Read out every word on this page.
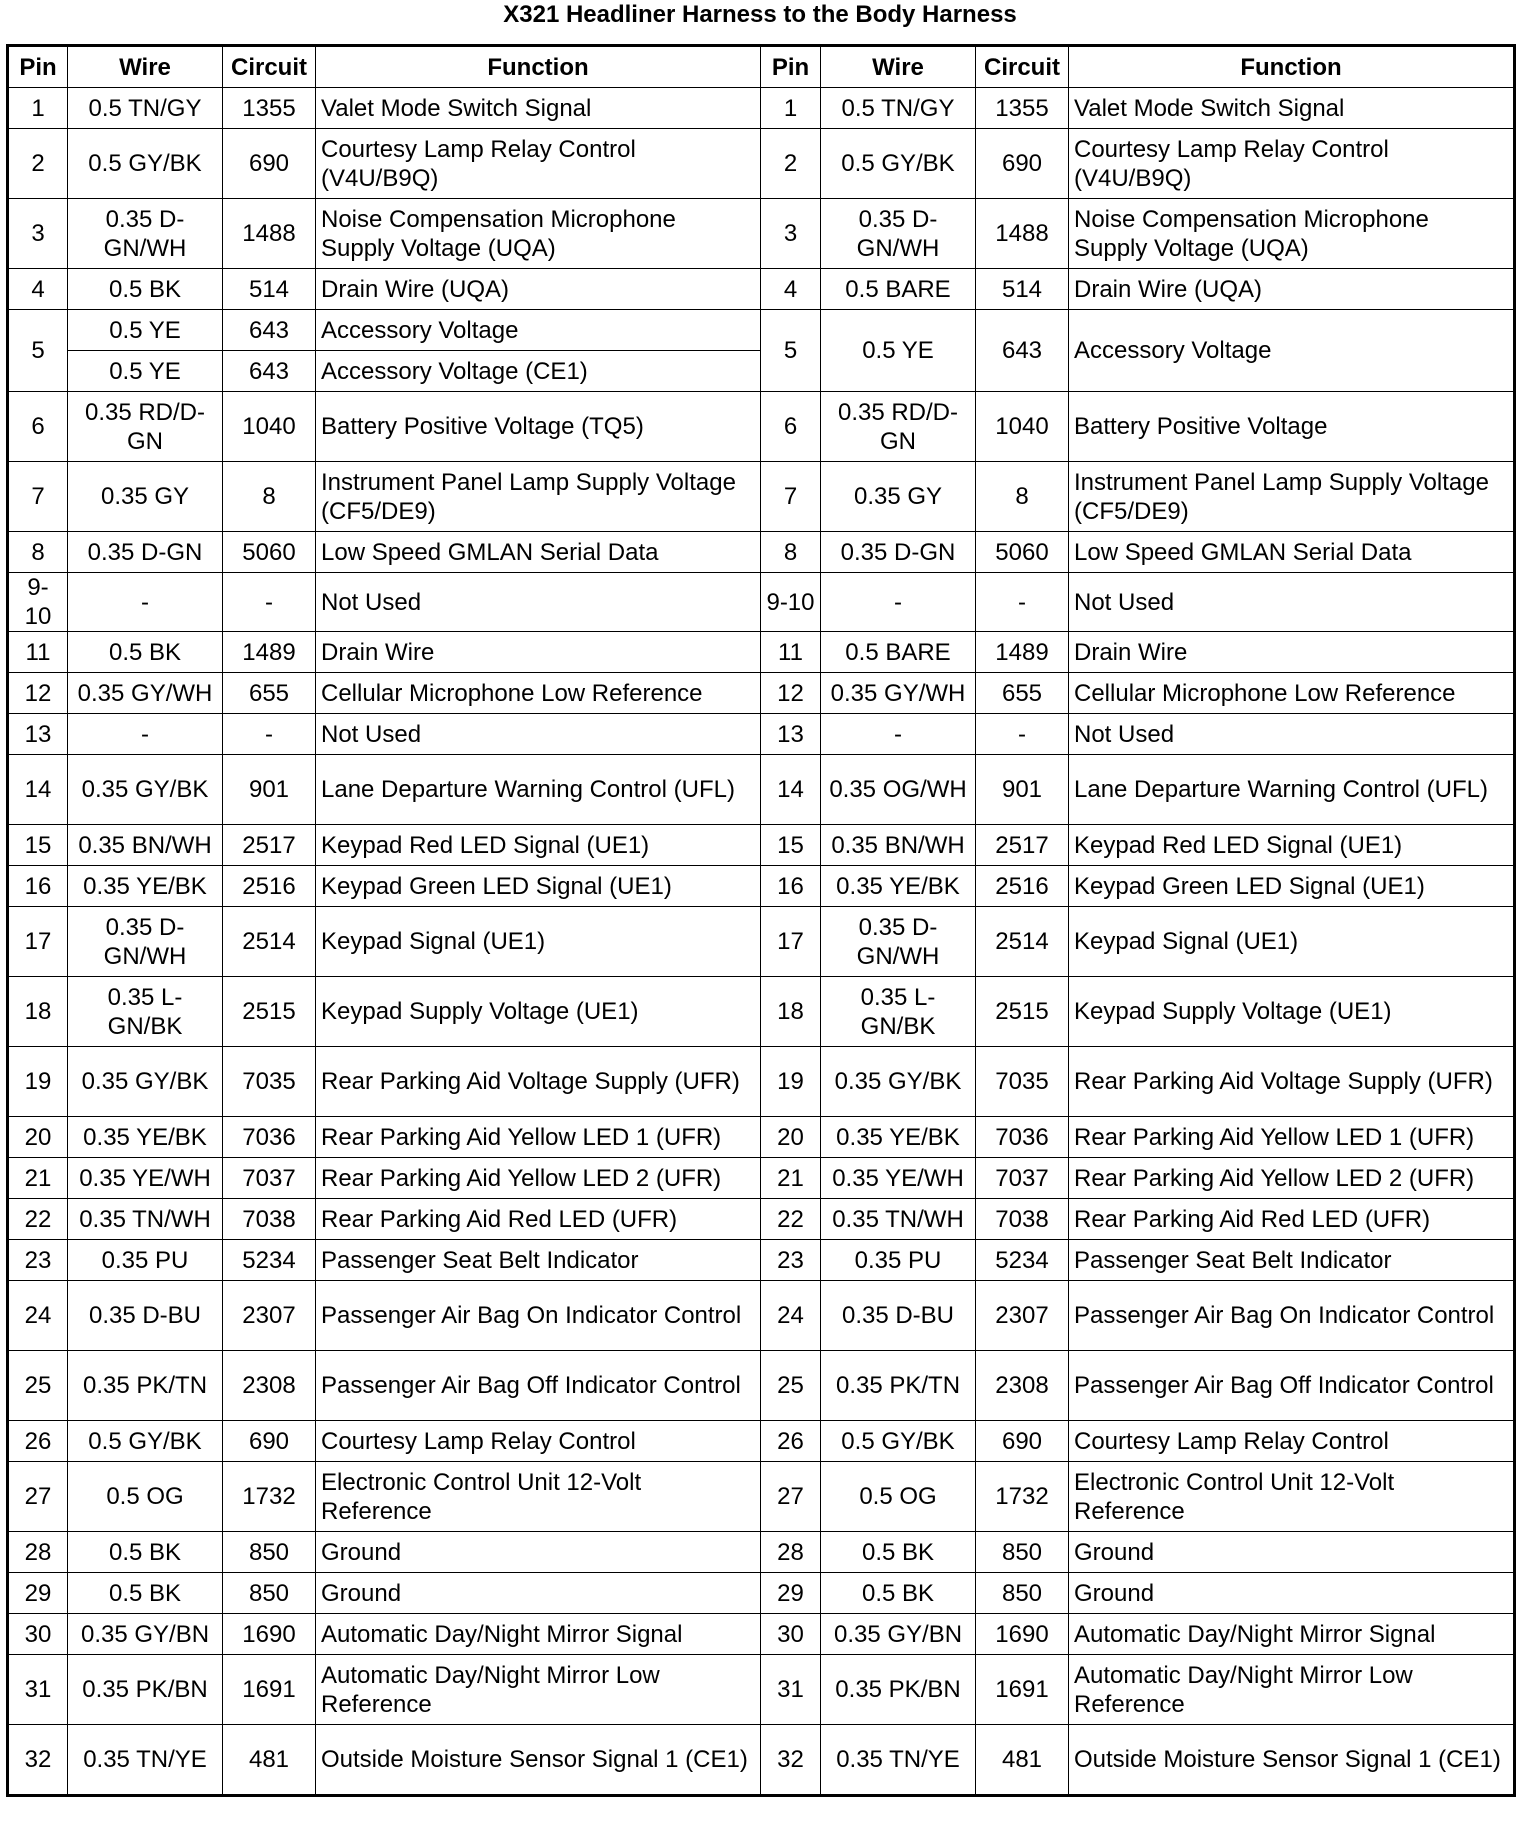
X321 Headliner Harness to the Body Harness
Pin	Wire	Circuit	Function	Pin	Wire	Circuit	Function
1	0.5 TN/GY	1355	Valet Mode Switch Signal	1	0.5 TN/GY	1355	Valet Mode Switch Signal
2	0.5 GY/BK	690	Courtesy Lamp Relay Control (V4U/B9Q)	2	0.5 GY/BK	690	Courtesy Lamp Relay Control (V4U/B9Q)
3	0.35 D-GN/WH	1488	Noise Compensation Microphone Supply Voltage (UQA)	3	0.35 D-GN/WH	1488	Noise Compensation Microphone Supply Voltage (UQA)
4	0.5 BK	514	Drain Wire (UQA)	4	0.5 BARE	514	Drain Wire (UQA)
5	0.5 YE	643	Accessory Voltage	5	0.5 YE	643	Accessory Voltage
	0.5 YE	643	Accessory Voltage (CE1)				
6	0.35 RD/D-GN	1040	Battery Positive Voltage (TQ5)	6	0.35 RD/D-GN	1040	Battery Positive Voltage
7	0.35 GY	8	Instrument Panel Lamp Supply Voltage (CF5/DE9)	7	0.35 GY	8	Instrument Panel Lamp Supply Voltage (CF5/DE9)
8	0.35 D-GN	5060	Low Speed GMLAN Serial Data	8	0.35 D-GN	5060	Low Speed GMLAN Serial Data
9-10	-	-	Not Used	9-10	-	-	Not Used
11	0.5 BK	1489	Drain Wire	11	0.5 BARE	1489	Drain Wire
12	0.35 GY/WH	655	Cellular Microphone Low Reference	12	0.35 GY/WH	655	Cellular Microphone Low Reference
13	-	-	Not Used	13	-	-	Not Used
14	0.35 GY/BK	901	Lane Departure Warning Control (UFL)	14	0.35 OG/WH	901	Lane Departure Warning Control (UFL)
15	0.35 BN/WH	2517	Keypad Red LED Signal (UE1)	15	0.35 BN/WH	2517	Keypad Red LED Signal (UE1)
16	0.35 YE/BK	2516	Keypad Green LED Signal (UE1)	16	0.35 YE/BK	2516	Keypad Green LED Signal (UE1)
17	0.35 D-GN/WH	2514	Keypad Signal (UE1)	17	0.35 D-GN/WH	2514	Keypad Signal (UE1)
18	0.35 L-GN/BK	2515	Keypad Supply Voltage (UE1)	18	0.35 L-GN/BK	2515	Keypad Supply Voltage (UE1)
19	0.35 GY/BK	7035	Rear Parking Aid Voltage Supply (UFR)	19	0.35 GY/BK	7035	Rear Parking Aid Voltage Supply (UFR)
20	0.35 YE/BK	7036	Rear Parking Aid Yellow LED 1 (UFR)	20	0.35 YE/BK	7036	Rear Parking Aid Yellow LED 1 (UFR)
21	0.35 YE/WH	7037	Rear Parking Aid Yellow LED 2 (UFR)	21	0.35 YE/WH	7037	Rear Parking Aid Yellow LED 2 (UFR)
22	0.35 TN/WH	7038	Rear Parking Aid Red LED (UFR)	22	0.35 TN/WH	7038	Rear Parking Aid Red LED (UFR)
23	0.35 PU	5234	Passenger Seat Belt Indicator	23	0.35 PU	5234	Passenger Seat Belt Indicator
24	0.35 D-BU	2307	Passenger Air Bag On Indicator Control	24	0.35 D-BU	2307	Passenger Air Bag On Indicator Control
25	0.35 PK/TN	2308	Passenger Air Bag Off Indicator Control	25	0.35 PK/TN	2308	Passenger Air Bag Off Indicator Control
26	0.5 GY/BK	690	Courtesy Lamp Relay Control	26	0.5 GY/BK	690	Courtesy Lamp Relay Control
27	0.5 OG	1732	Electronic Control Unit 12-Volt Reference	27	0.5 OG	1732	Electronic Control Unit 12-Volt Reference
28	0.5 BK	850	Ground	28	0.5 BK	850	Ground
29	0.5 BK	850	Ground	29	0.5 BK	850	Ground
30	0.35 GY/BN	1690	Automatic Day/Night Mirror Signal	30	0.35 GY/BN	1690	Automatic Day/Night Mirror Signal
31	0.35 PK/BN	1691	Automatic Day/Night Mirror Low Reference	31	0.35 PK/BN	1691	Automatic Day/Night Mirror Low Reference
32	0.35 TN/YE	481	Outside Moisture Sensor Signal 1 (CE1)	32	0.35 TN/YE	481	Outside Moisture Sensor Signal 1 (CE1)
